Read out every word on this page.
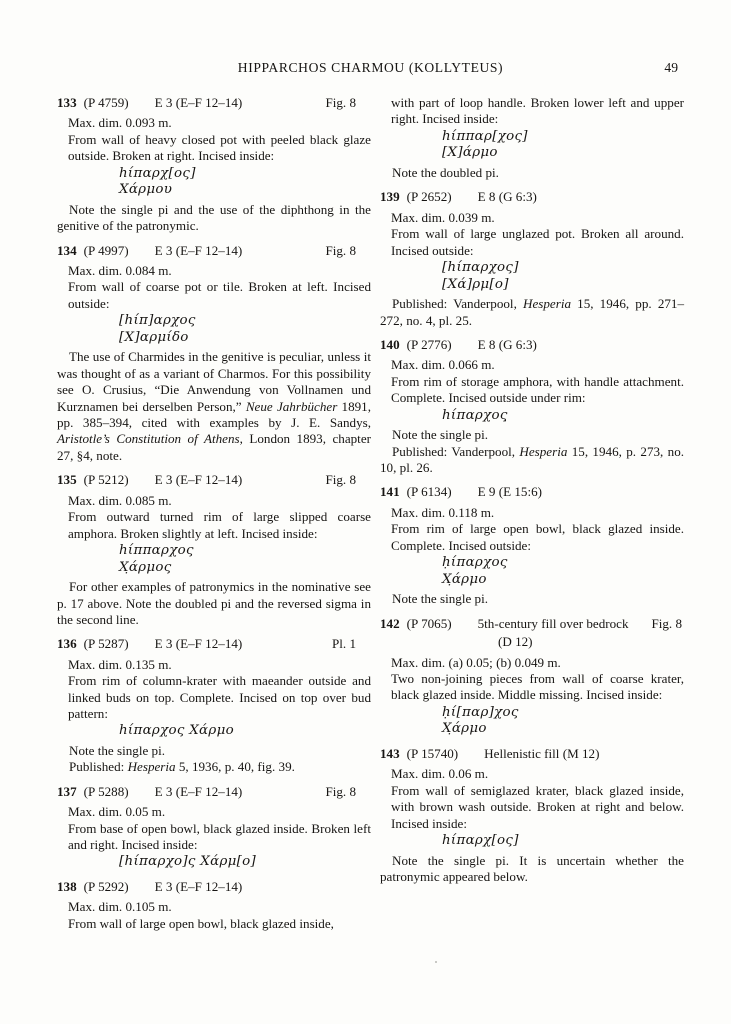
HIPPARCHOS CHARMOU (KOLLYTEUS)	49
133 (P 4759) E 3 (E–F 12–14)	Fig. 8

Max. dim. 0.093 m.

From wall of heavy closed pot with peeled black glaze outside. Broken at right. Incised inside:

hίπαρχ[ος]
Χάρμου

Note the single pi and the use of the diphthong in the genitive of the patronymic.

134 (P 4997) E 3 (E–F 12–14)	Fig. 8

Max. dim. 0.084 m.

From wall of coarse pot or tile. Broken at left. Incised outside:

[hίπ]αρχος
[Χ]αρμίδο

The use of Charmides in the genitive is peculiar, unless it was thought of as a variant of Charmos. For this possibility see O. Crusius, “Die Anwendung von Vollnamen und Kurznamen bei derselben Person,” Neue Jahrbücher 1891, pp. 385–394, cited with examples by J. E. Sandys, Aristotle’s Constitution of Athens, London 1893, chapter 27, §4, note.

135 (P 5212) E 3 (E–F 12–14)	Fig. 8

Max. dim. 0.085 m.

From outward turned rim of large slipped coarse amphora. Broken slightly at left. Incised inside:

hίππαρχος
Χ̣άρμος

For other examples of patronymics in the nominative see p. 17 above. Note the doubled pi and the reversed sigma in the second line.

136 (P 5287) E 3 (E–F 12–14)	Pl. 1

Max. dim. 0.135 m.

From rim of column-krater with maeander outside and linked buds on top. Complete. Incised on top over bud pattern:

hίπαρχος Χάρμο

Note the single pi.

Published: Hesperia 5, 1936, p. 40, fig. 39.

137 (P 5288) E 3 (E–F 12–14)	Fig. 8

Max. dim. 0.05 m.

From base of open bowl, black glazed inside. Broken left and right. Incised inside:

[hίπαρχο]ς Χάρμ[ο]
138 (P 5292) E 3 (E–F 12–14)

Max. dim. 0.105 m.

From wall of large open bowl, black glazed inside,

with part of loop handle. Broken lower left and upper right. Incised inside:

hίππαρ[χος]
[Χ]άρμο

Note the doubled pi.

139 (P 2652) E 8 (G 6:3)

Max. dim. 0.039 m.

From wall of large unglazed pot. Broken all around. Incised outside:

[hίπαρχος]
[Χά]ρμ[ο]

Published: Vanderpool, Hesperia 15, 1946, pp. 271–272, no. 4, pl. 25.

140 (P 2776) E 8 (G 6:3)

Max. dim. 0.066 m.

From rim of storage amphora, with handle attachment. Complete. Incised outside under rim:

hίπαρχος̣

Note the single pi.

Published: Vanderpool, Hesperia 15, 1946, p. 273, no. 10, pl. 26.

141 (P 6134) E 9 (E 15:6)

Max. dim. 0.118 m.

From rim of large open bowl, black glazed inside. Complete. Incised outside:

ḥίπαρχος
Χ̣άρμο

Note the single pi.

142 (P 7065) 5th-century fill over bedrock Fig. 8
(D 12)

Max. dim. (a) 0.05; (b) 0.049 m.

Two non-joining pieces from wall of coarse krater, black glazed inside. Middle missing. Incised inside:

ḥί[παρ]χος
Χ̣άρμο
143 (P 15740) Hellenistic fill (M 12)

Max. dim. 0.06 m.

From wall of semiglazed krater, black glazed inside, with brown wash outside. Broken at right and below. Incised inside:

hίπαρχ[ος]

Note the single pi. It is uncertain whether the patronymic appeared below.
